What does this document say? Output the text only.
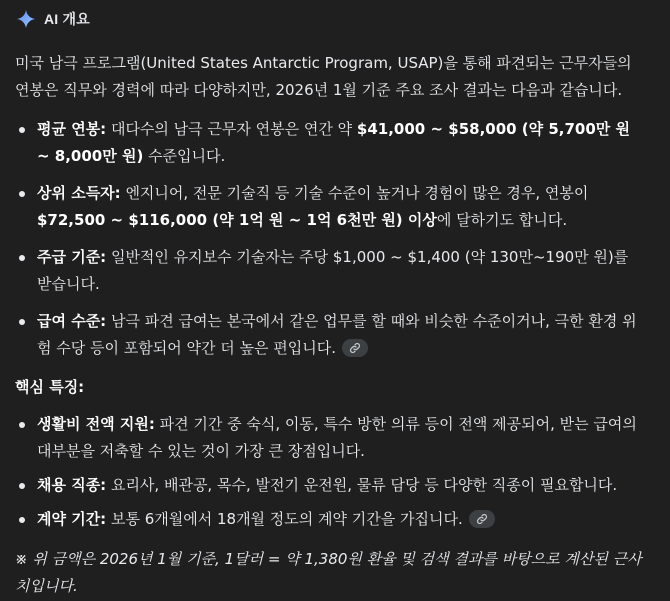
AI 개요

미국 남극 프로그램(United States Antarctic Program, USAP)을 통해 파견되는 근무자들의 연봉은 직무와 경력에 따라 다양하지만, 2026년 1월 기준 주요 조사 결과는 다음과 같습니다.

평균 연봉: 대다수의 남극 근무자 연봉은 연간 약 $41,000 ~ $58,000 (약 5,700만 원 ~ 8,000만 원) 수준입니다.
상위 소득자: 엔지니어, 전문 기술직 등 기술 수준이 높거나 경험이 많은 경우, 연봉이 $72,500 ~ $116,000 (약 1억 원 ~ 1억 6천만 원) 이상에 달하기도 합니다.
주급 기준: 일반적인 유지보수 기술자는 주당 $1,000 ~ $1,400 (약 130만~190만 원)를 받습니다.
급여 수준: 남극 파견 급여는 본국에서 같은 업무를 할 때와 비슷한 수준이거나, 극한 환경 위험 수당 등이 포함되어 약간 더 높은 편입니다.

핵심 특징:

생활비 전액 지원: 파견 기간 중 숙식, 이동, 특수 방한 의류 등이 전액 제공되어, 받는 급여의 대부분을 저축할 수 있는 것이 가장 큰 장점입니다.
채용 직종: 요리사, 배관공, 목수, 발전기 운전원, 물류 담당 등 다양한 직종이 필요합니다.
계약 기간: 보통 6개월에서 18개월 정도의 계약 기간을 가집니다.

※ 위 금액은 2026년 1월 기준, 1달러 = 약 1,380원 환율 및 검색 결과를 바탕으로 계산된 근사치입니다.
